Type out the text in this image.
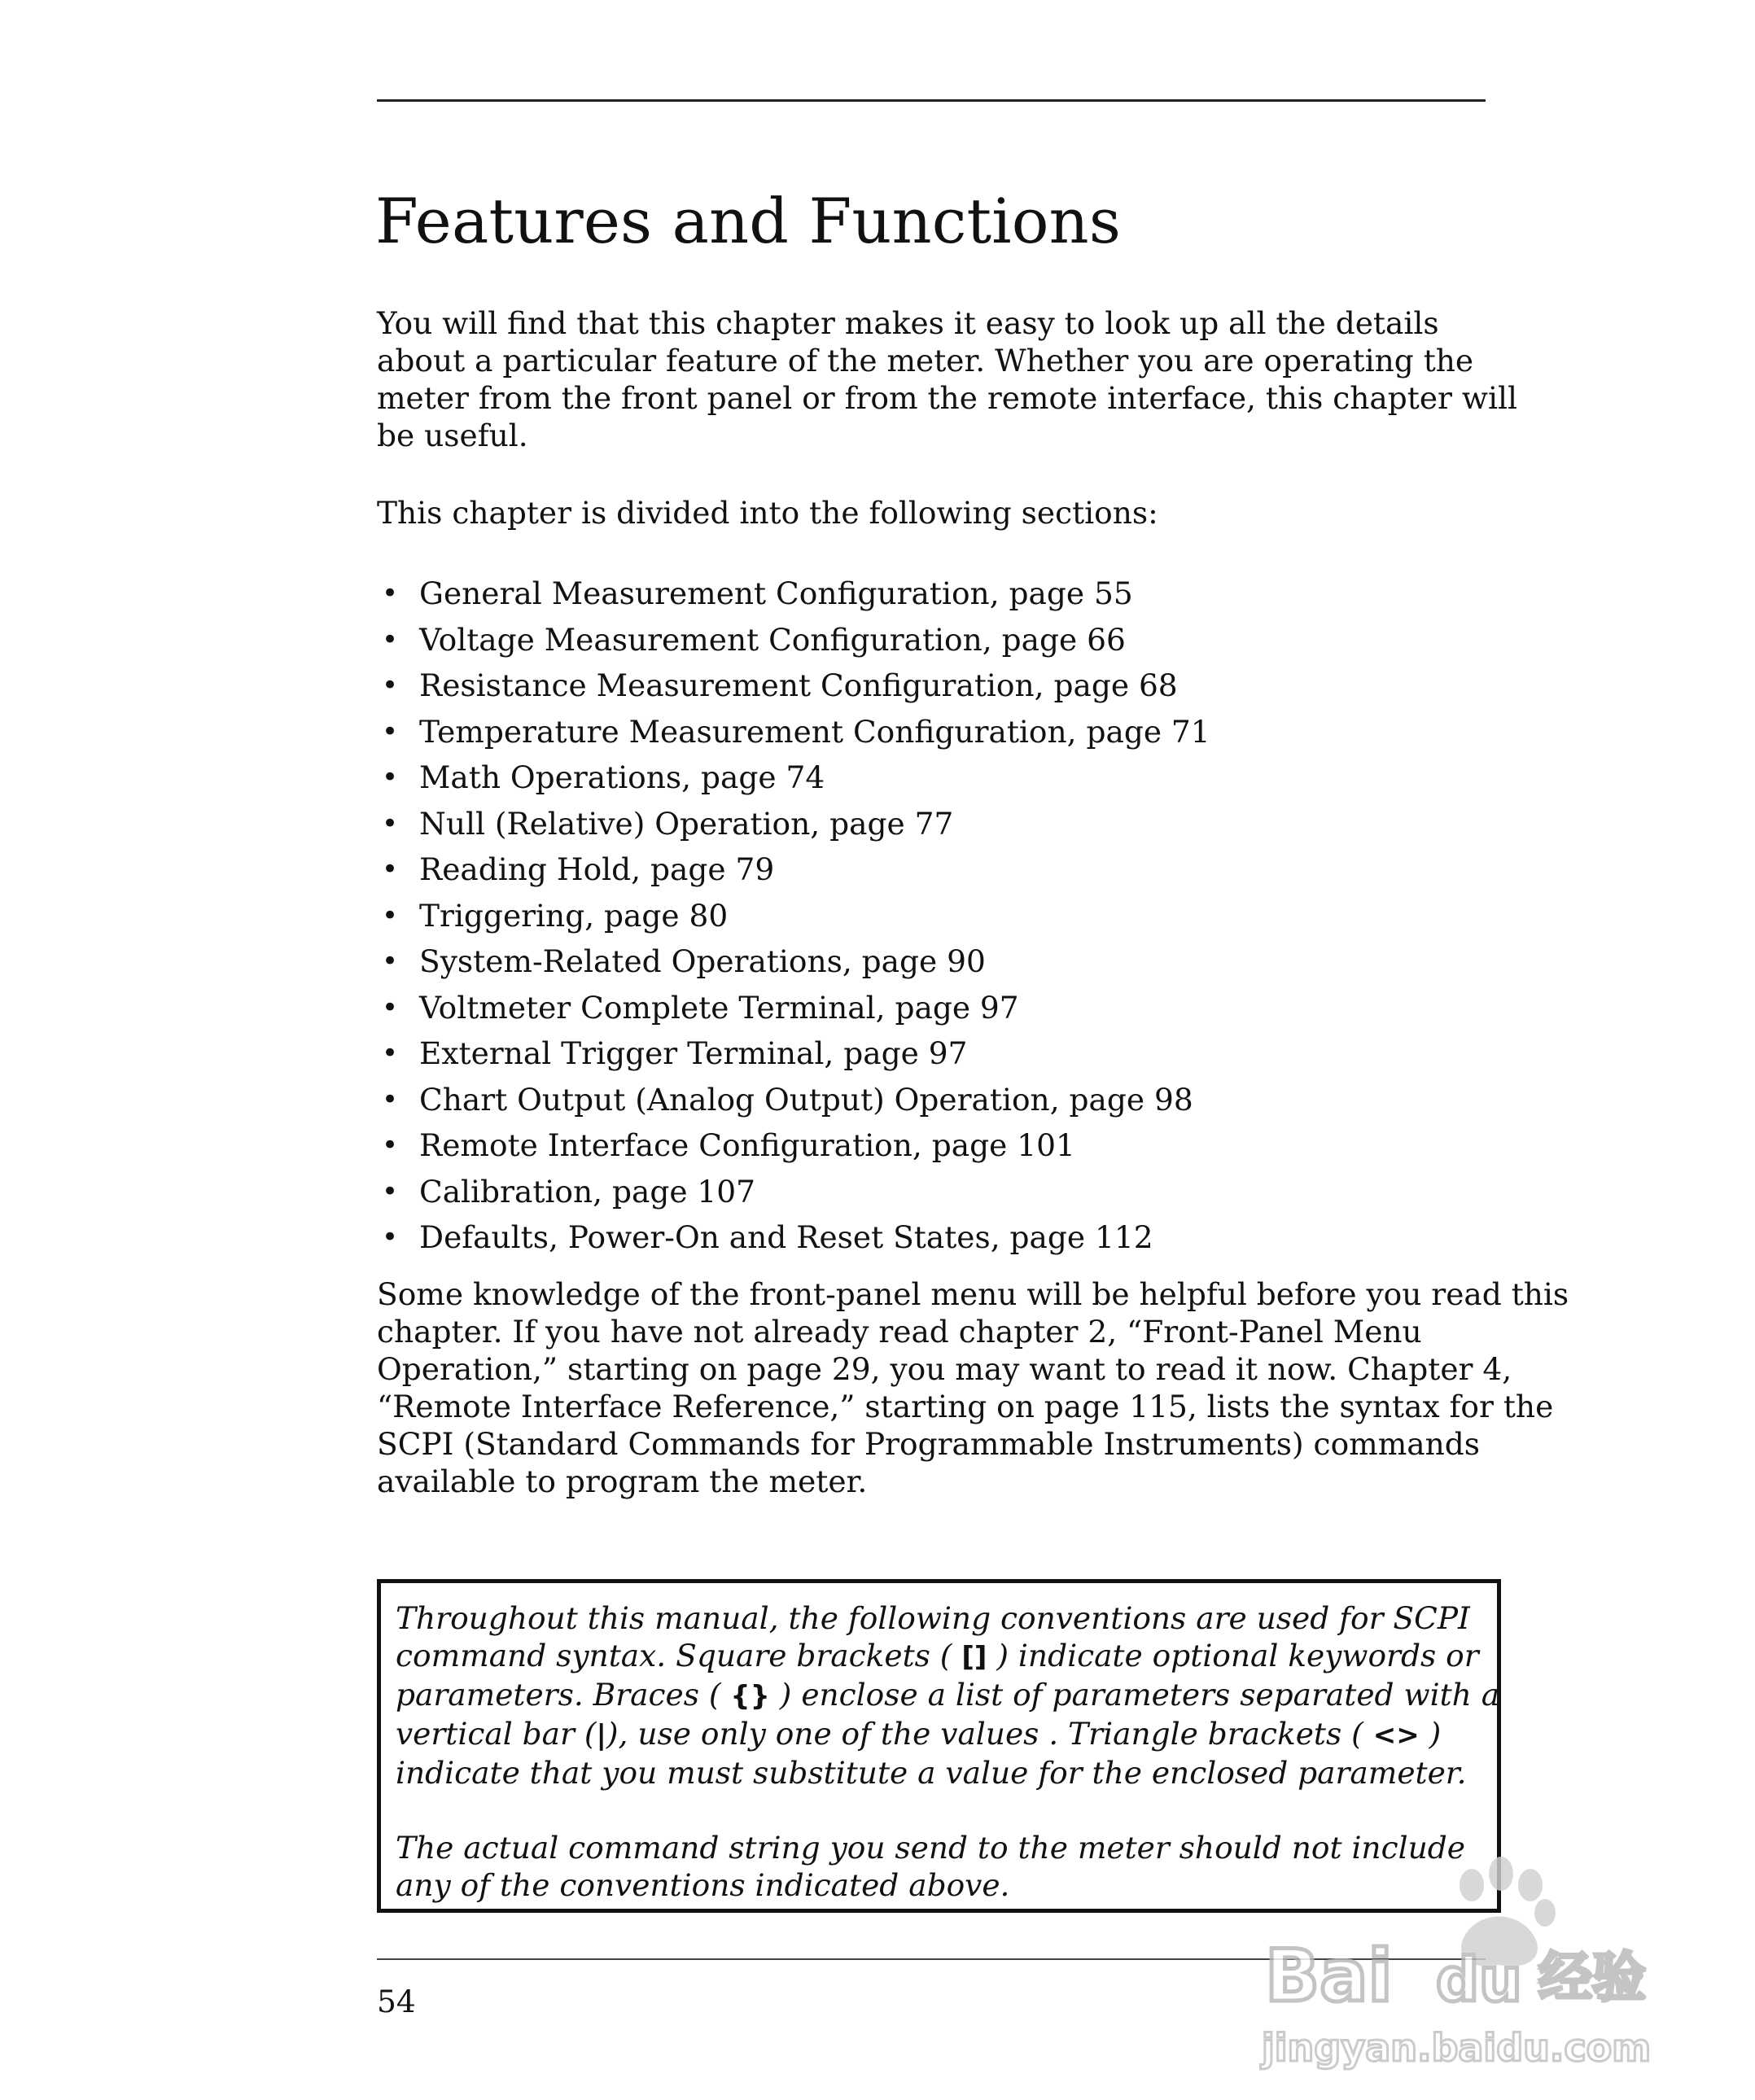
Features and Functions
You will find that this chapter makes it easy to look up all the details
about a particular feature of the meter. Whether you are operating the
meter from the front panel or from the remote interface, this chapter will
be useful.

This chapter is divided into the following sections:

• General Measurement Configuration, page 55
• Voltage Measurement Configuration, page 66
• Resistance Measurement Configuration, page 68
• Temperature Measurement Configuration, page 71
• Math Operations, page 74
• Null (Relative) Operation, page 77
• Reading Hold, page 79
• Triggering, page 80
• System-Related Operations, page 90
• Voltmeter Complete Terminal, page 97
• External Trigger Terminal, page 97
• Chart Output (Analog Output) Operation, page 98
• Remote Interface Configuration, page 101
• Calibration, page 107
• Defaults, Power-On and Reset States, page 112
Some knowledge of the front-panel menu will be helpful before you read this
chapter. If you have not already read chapter 2, “Front-Panel Menu
Operation,” starting on page 29, you may want to read it now. Chapter 4,
“Remote Interface Reference,” starting on page 115, lists the syntax for the
SCPI (Standard Commands for Programmable Instruments) commands
available to program the meter.

Throughout this manual, the following conventions are used for SCPI
command syntax. Square brackets ( [] ) indicate optional keywords or
parameters. Braces ( {} ) enclose a list of parameters separated with a
vertical bar (|), use only one of the values . Triangle brackets ( <> )
indicate that you must substitute a value for the enclosed parameter.

The actual command string you send to the meter should not include
any of the conventions indicated above.

54	Bai du 经验
jingyan.baidu.com
